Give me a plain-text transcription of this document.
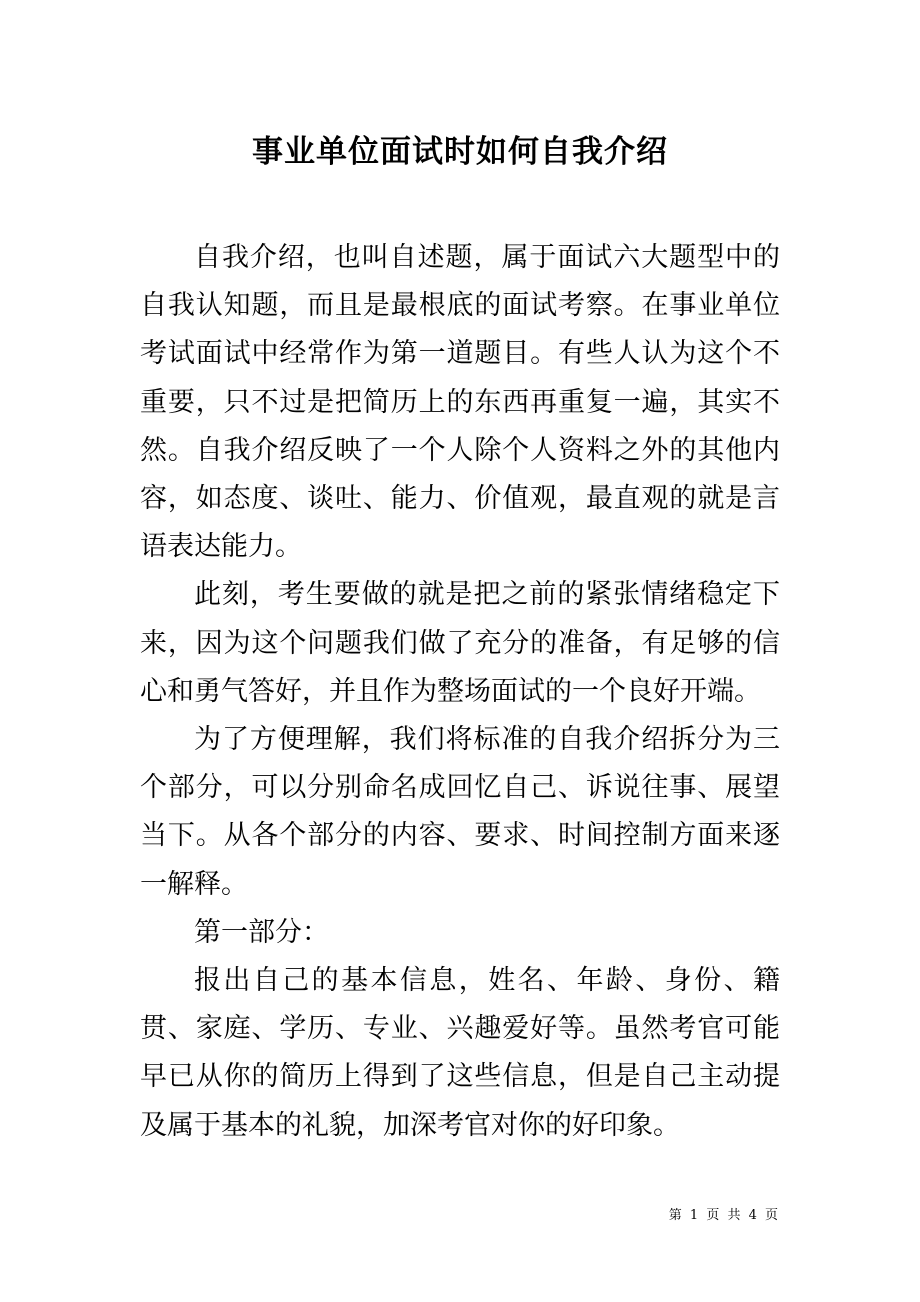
事业单位面试时如何自我介绍

自我介绍，也叫自述题，属于面试六大题型中的自我认知题，而且是最根底的面试考察。在事业单位考试面试中经常作为第一道题目。有些人认为这个不重要，只不过是把简历上的东西再重复一遍，其实不然。自我介绍反映了一个人除个人资料之外的其他内容，如态度、谈吐、能力、价值观，最直观的就是言语表达能力。

此刻，考生要做的就是把之前的紧张情绪稳定下来，因为这个问题我们做了充分的准备，有足够的信心和勇气答好，并且作为整场面试的一个良好开端。

为了方便理解，我们将标准的自我介绍拆分为三个部分，可以分别命名成回忆自己、诉说往事、展望当下。从各个部分的内容、要求、时间控制方面来逐一解释。

第一部分：

报出自己的基本信息，姓名、年龄、身份、籍贯、家庭、学历、专业、兴趣爱好等。虽然考官可能早已从你的简历上得到了这些信息，但是自己主动提及属于基本的礼貌，加深考官对你的好印象。

第 1 页 共 4 页
